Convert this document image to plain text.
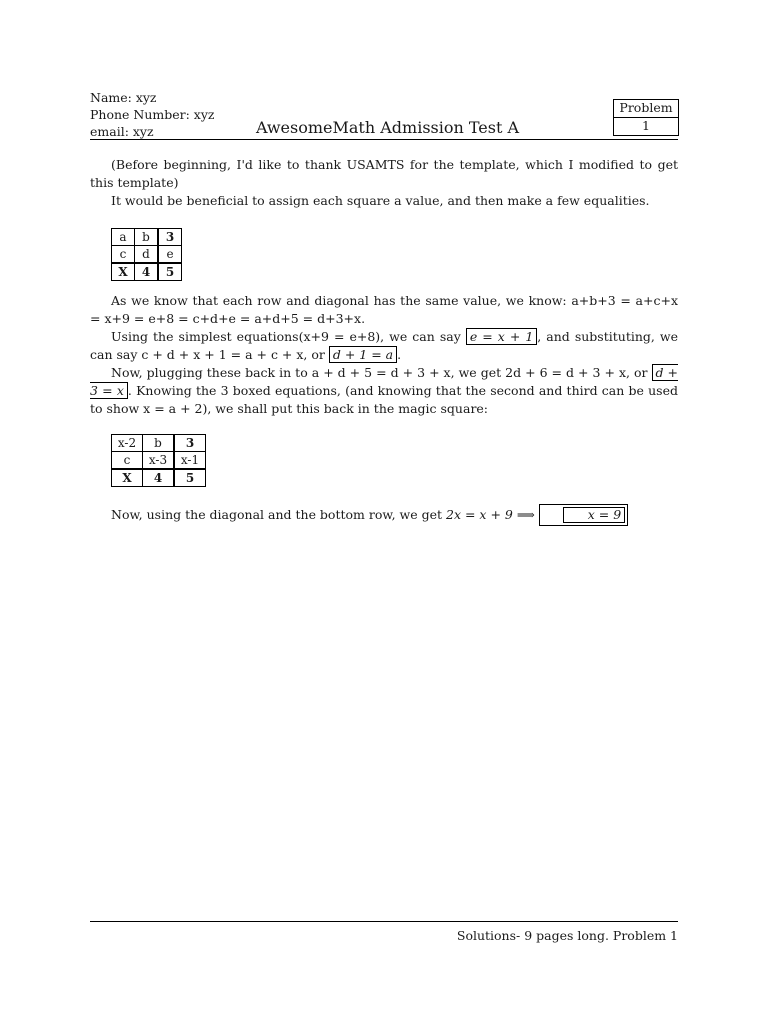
Name: xyz
Phone Number: xyz
email: xyz	AwesomeMath Admission Test A
Problem
1

(Before beginning, I'd like to thank USAMTS for the template, which I modified to get this template)

It would be beneficial to assign each square a value, and then make a few equalities.

As we know that each row and diagonal has the same value, we know: a+b+3 = a+c+x = x+9 = e+8 = c+d+e = a+d+5 = d+3+x.

Using the simplest equations(x+9 = e+8), we can say e = x + 1 , and substituting, we can say c + d + x + 1 = a + c + x, or d + 1 = a .

Now, plugging these back in to a + d + 5 = d + 3 + x, we get 2d + 6 = d + 3 + x, or d + 3 = x . Knowing the 3 boxed equations, (and knowing that the second and third can be used to show x = a + 2), we shall put this back in the magic square:

Now, using the diagonal and the bottom row, we get 2x = x + 9 ⟹	x = 9

a	b	3
c	d	e
X	4	5
x-2	b	3
c	x-3	x-1
X	4	5
Solutions- 9 pages long. Problem 1
